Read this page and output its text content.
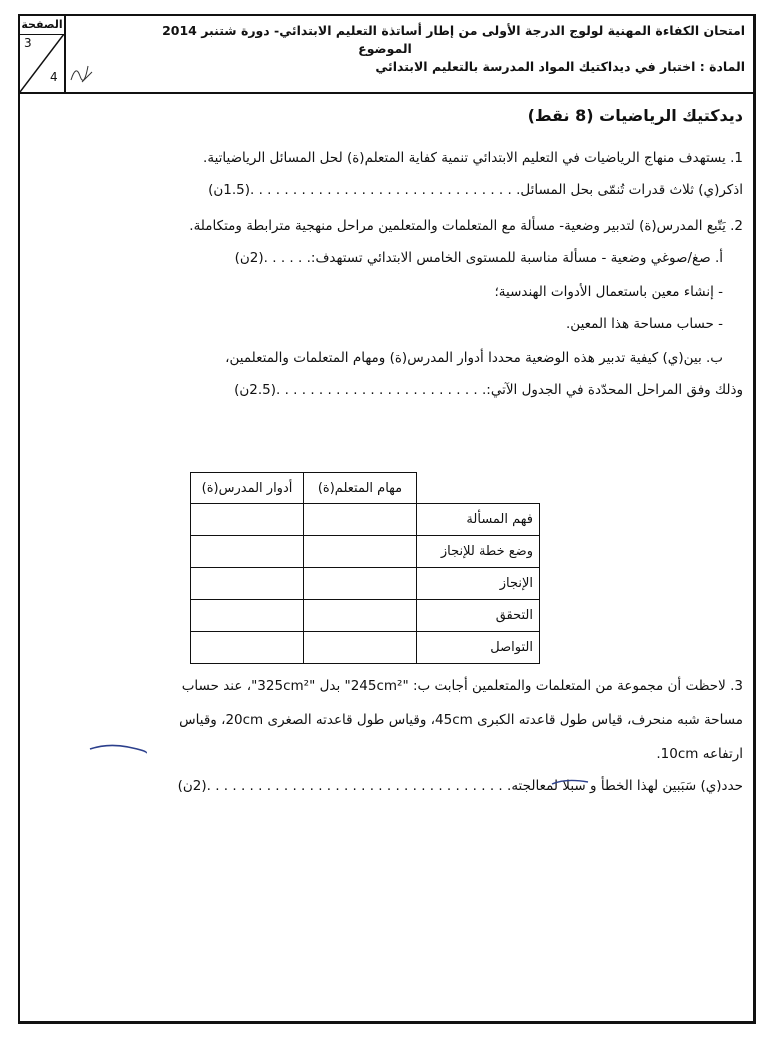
امتحان الكفاءة المهنية لولوج الدرجة الأولى من إطار أساتذة التعليم الابتدائي- دورة شتنبر 2014
الموضوع
المادة : اختبار في ديداكتيك المواد المدرسة بالتعليم الابتدائي
الصفحة
3
4
ديدكتيك الرياضيات (8 نقط)
1. يستهدف منهاج الرياضيات في التعليم الابتدائي تنمية كفاية المتعلم(ة) لحل المسائل الرياضياتية.
اذكر(ي) ثلاث قدرات تُنمّى بحل المسائل. . . . . . . . . . . . . . . . . . . . . . . . . . . . . . . .(1.5ن)
2. يَتّبع المدرس(ة) لتدبير وضعية- مسألة مع المتعلمات والمتعلمين مراحل منهجية مترابطة ومتكاملة.
أ. صغ/صوغي وضعية - مسألة مناسبة للمستوى الخامس الابتدائي تستهدف:. . . . . .(2ن)
- إنشاء معين باستعمال الأدوات الهندسية؛
- حساب مساحة هذا المعين.
ب. بين(ي) كيفية تدبير هذه الوضعية محددا أدوار المدرس(ة) ومهام المتعلمات والمتعلمين،
وذلك وفق المراحل المحدّدة في الجدول الآتي:. . . . . . . . . . . . . . . . . . . . . . . . .(2.5ن)
3. لاحظت أن مجموعة من المتعلمات والمتعلمين أجابت ب: "245cm²" بدل "325cm²"، عند حساب
مساحة شبه منحرف، قياس طول قاعدته الكبرى 45cm، وقياس طول قاعدته الصغرى 20cm، وقياس
ارتفاعه 10cm.
حدد(ي) سَبَبين لهذا الخطأ و سبلا لمعالجته. . . . . . . . . . . . . . . . . . . . . . . . . . . . . . . . . . . .(2ن)
	مهام المتعلم(ة)	أدوار المدرس(ة)
فهم المسألة		
وضع خطة للإنجاز		
الإنجاز		
التحقق		
التواصل		
